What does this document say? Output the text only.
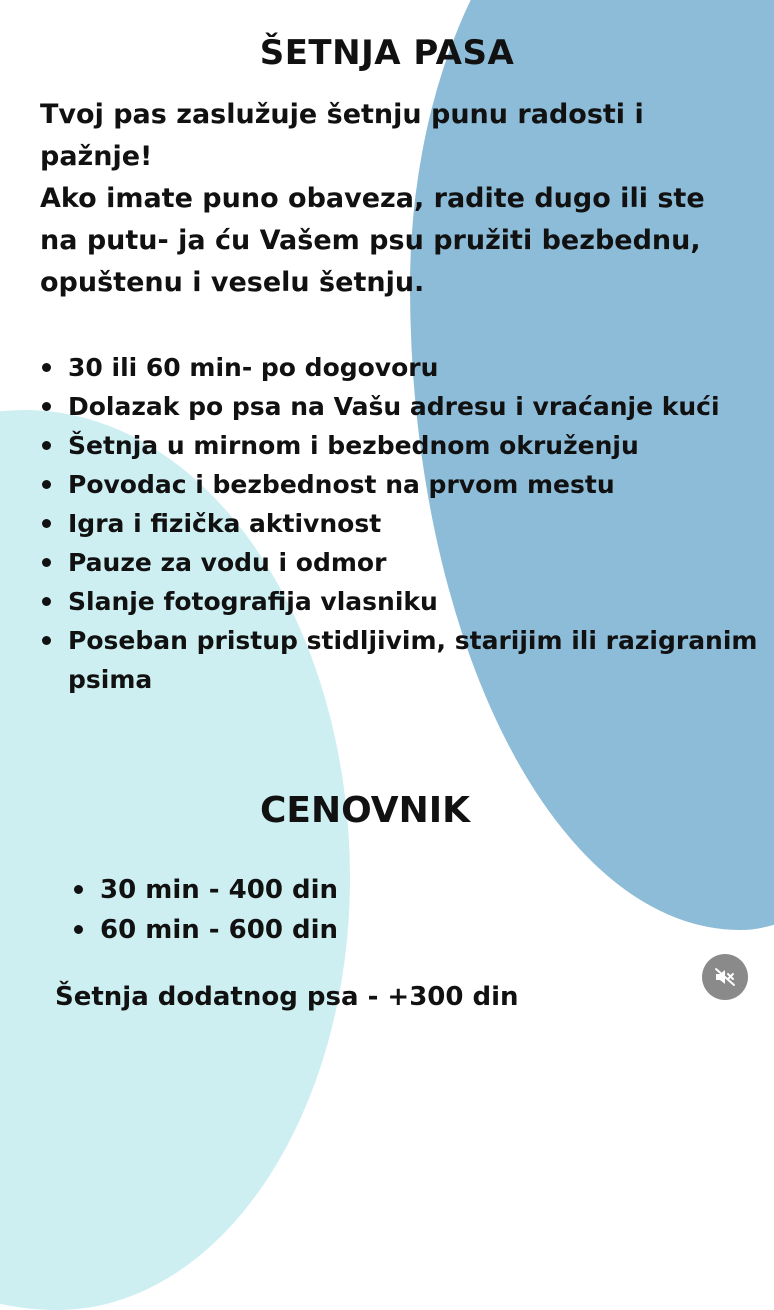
ŠETNJA PASA

Tvoj pas zaslužuje šetnju punu radosti i pažnje!

Ako imate puno obaveza, radite dugo ili ste na putu- ja ću Vašem psu pružiti bezbednu, opuštenu i veselu šetnju.

30 ili 60 min- po dogovoru
Dolazak po psa na Vašu adresu i vraćanje kući
Šetnja u mirnom i bezbednom okruženju
Povodac i bezbednost na prvom mestu
Igra i fizička aktivnost
Pauze za vodu i odmor
Slanje fotografija vlasniku
Poseban pristup stidljivim, starijim ili razigranim psima
CENOVNIK
30 min - 400 din
60 min - 600 din
Šetnja dodatnog psa - +300 din
